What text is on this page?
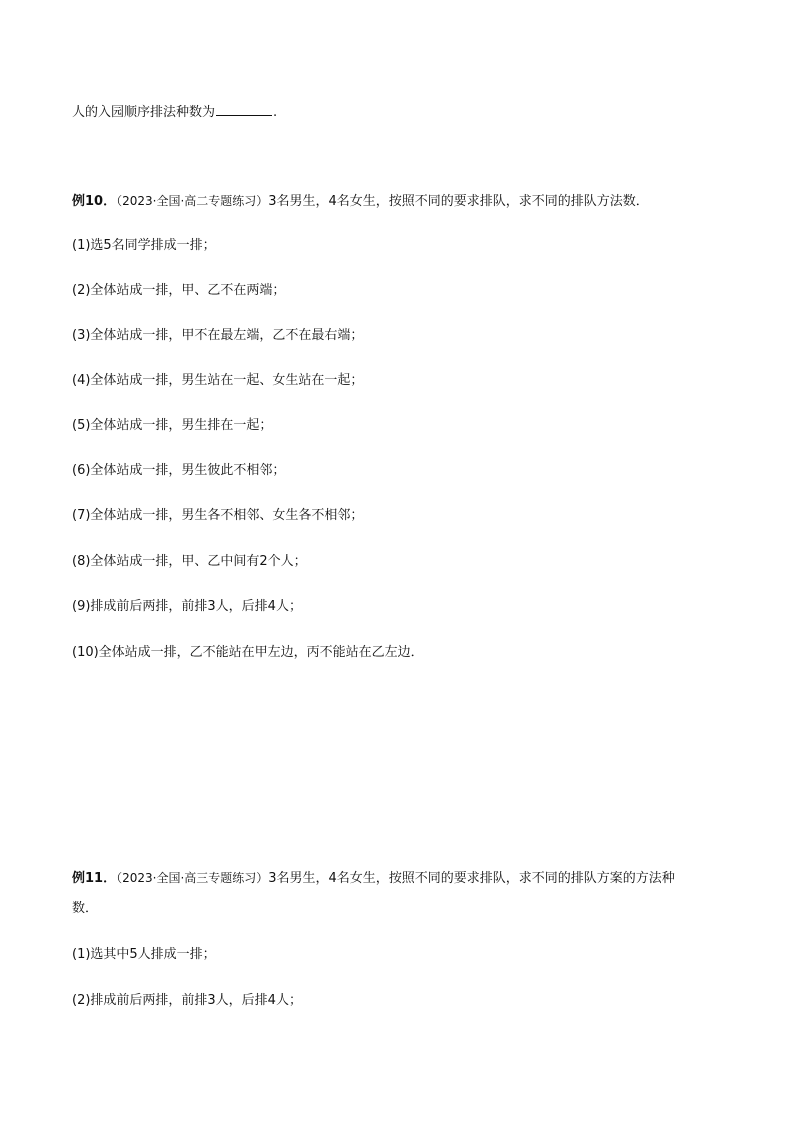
人的入园顺序排法种数为	.
例10．（2023·全国·高二专题练习）3名男生，4名女生，按照不同的要求排队，求不同的排队方法数．
(1)选5名同学排成一排；
(2)全体站成一排，甲、乙不在两端；
(3)全体站成一排，甲不在最左端，乙不在最右端；
(4)全体站成一排，男生站在一起、女生站在一起；
(5)全体站成一排，男生排在一起；
(6)全体站成一排，男生彼此不相邻；
(7)全体站成一排，男生各不相邻、女生各不相邻；
(8)全体站成一排，甲、乙中间有2个人；
(9)排成前后两排，前排3人，后排4人；
(10)全体站成一排，乙不能站在甲左边，丙不能站在乙左边．
例11．（2023·全国·高三专题练习）3名男生，4名女生，按照不同的要求排队，求不同的排队方案的方法种
数．
(1)选其中5人排成一排；
(2)排成前后两排，前排3人，后排4人；
